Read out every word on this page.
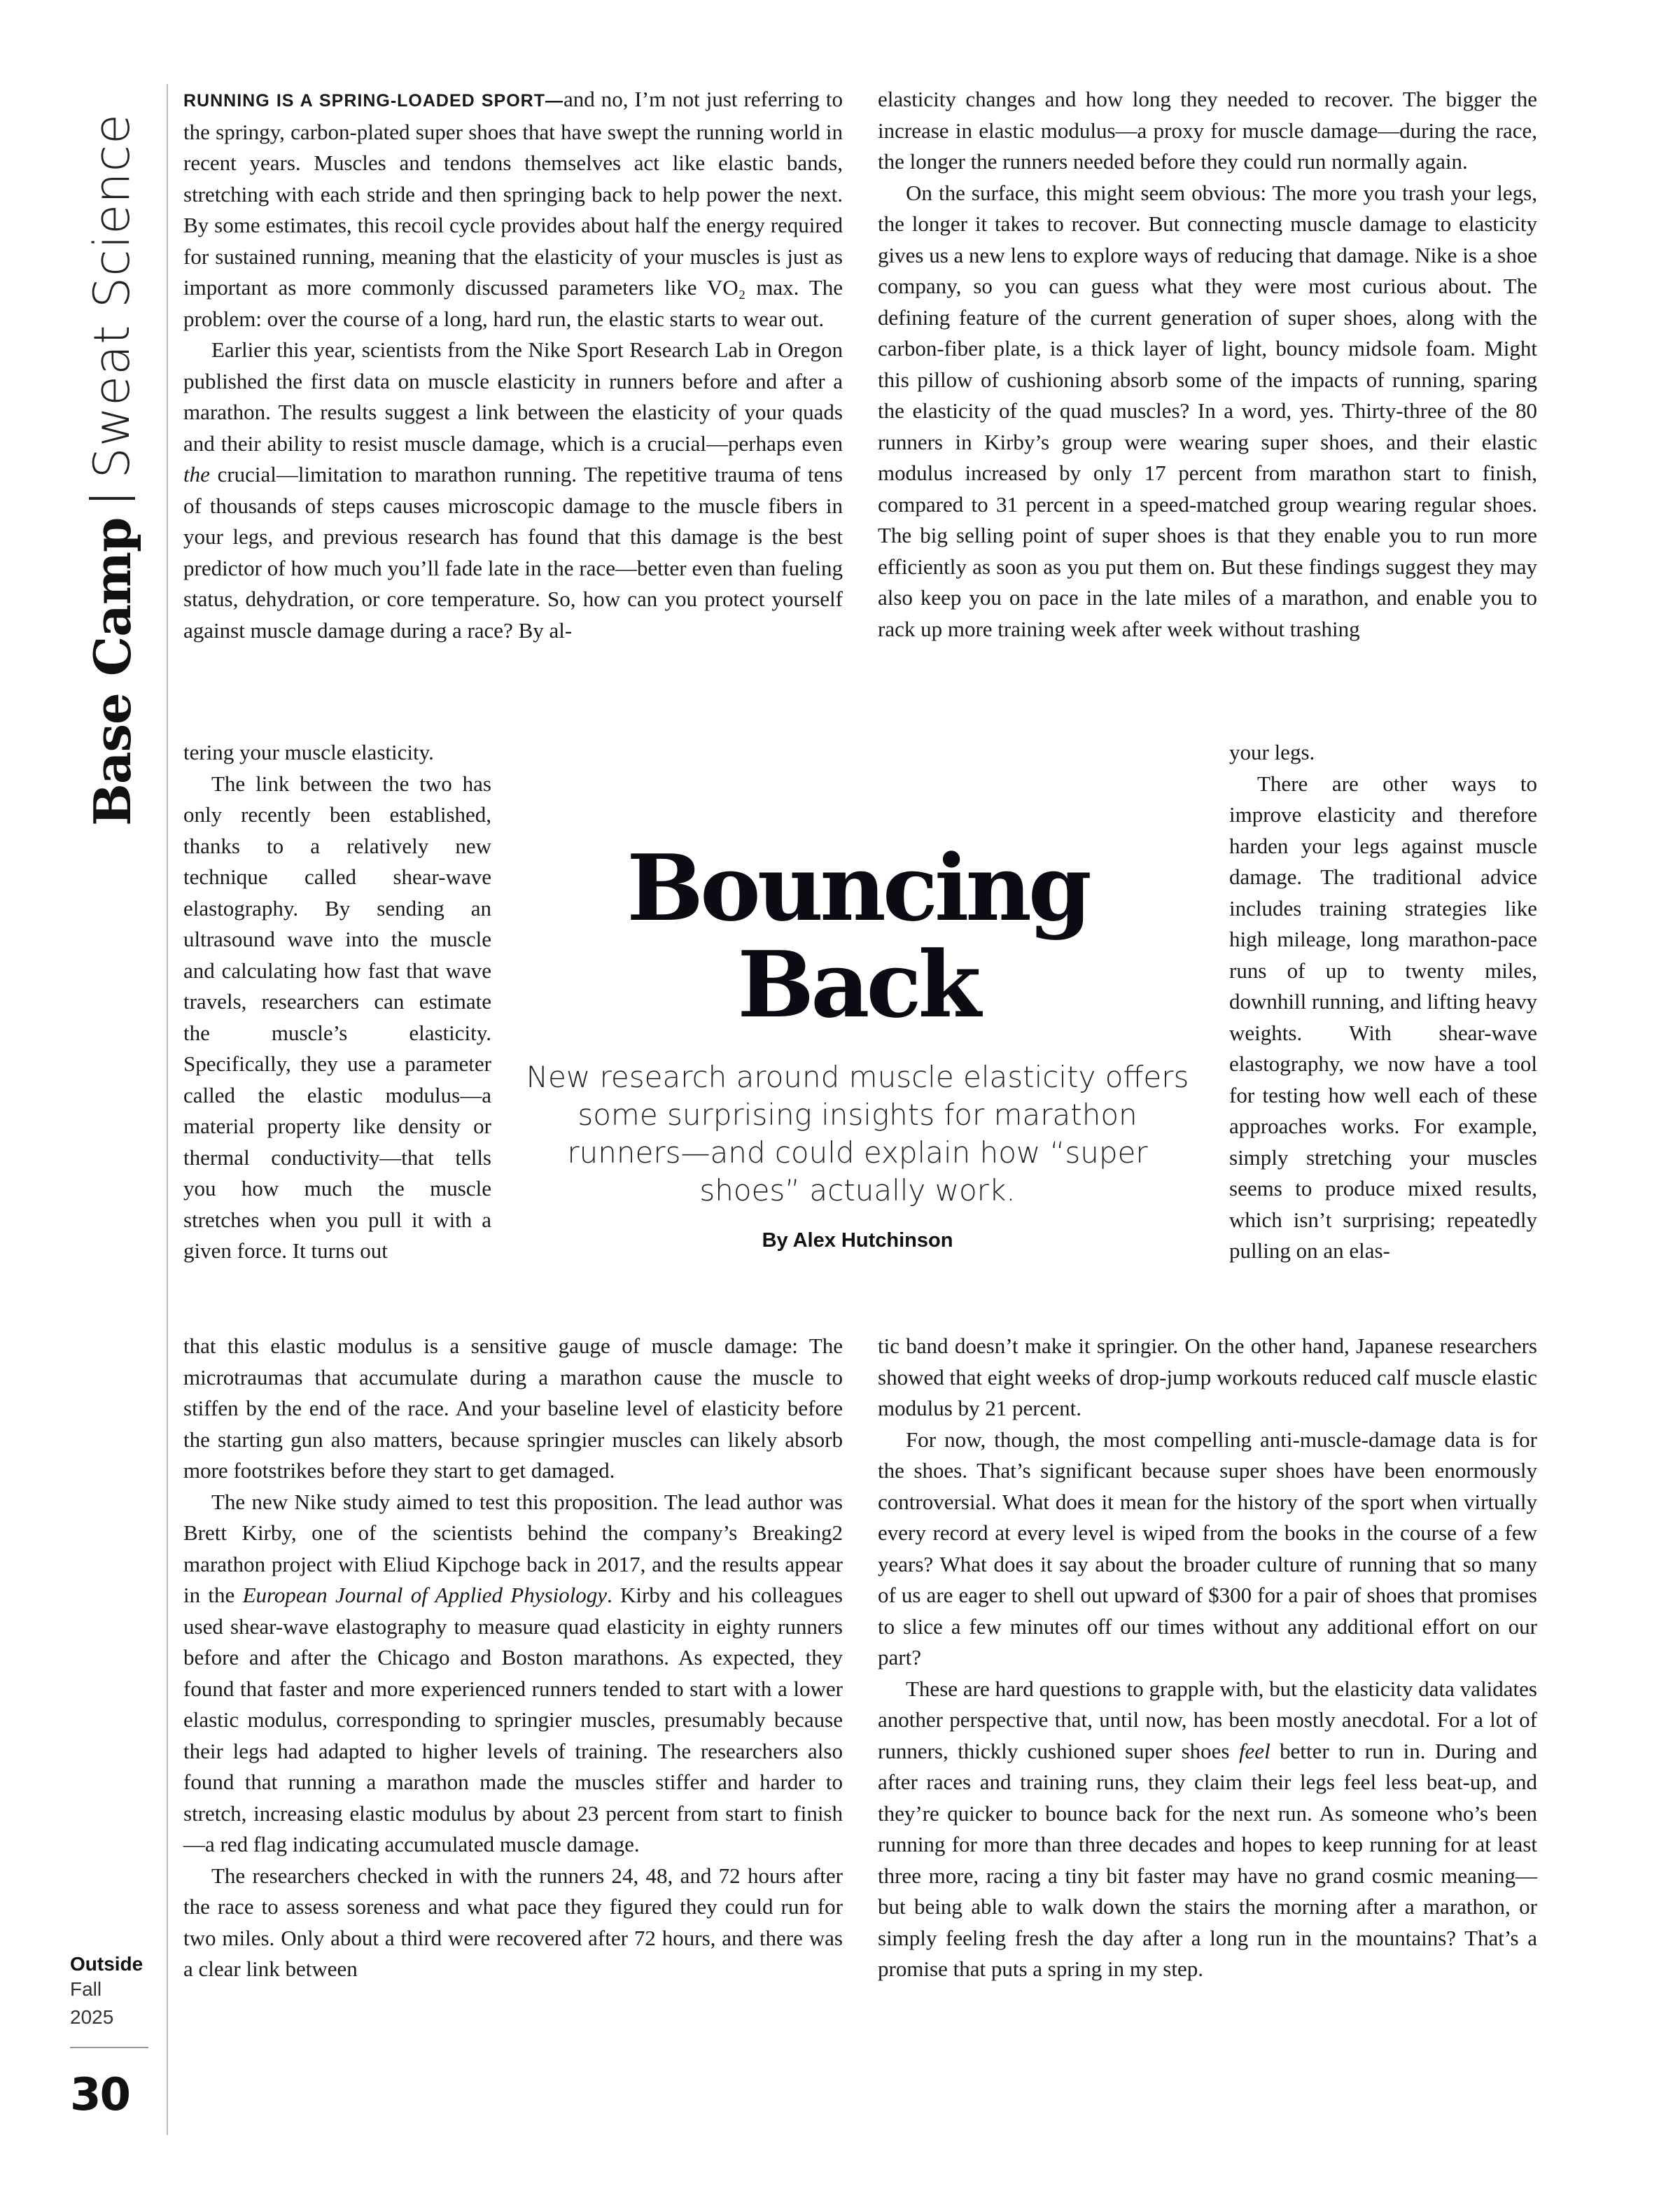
Base Camp
Sweat Science
Outside
Fall
2025
30

RUNNING IS A SPRING-LOADED SPORT—and no, I’m not just referring to the springy, carbon-plated super shoes that have swept the running world in recent years. Muscles and tendons themselves act like elastic bands, stretching with each stride and then springing back to help power the next. By some estimates, this recoil cycle provides about half the energy required for sustained running, meaning that the elasticity of your muscles is just as important as more commonly discussed parameters like VO₂ max. The problem: over the course of a long, hard run, the elastic starts to wear out.

Earlier this year, scientists from the Nike Sport Research Lab in Oregon published the first data on muscle elasticity in runners before and after a marathon. The results suggest a link between the elasticity of your quads and their ability to resist muscle damage, which is a crucial—perhaps even the crucial—limitation to marathon running. The repetitive trauma of tens of thousands of steps causes microscopic damage to the muscle fibers in your legs, and previous research has found that this damage is the best predictor of how much you’ll fade late in the race—better even than fueling status, dehydration, or core temperature. So, how can you protect yourself against muscle damage during a race? By al-

tering your muscle elasticity.

The link between the two has only recently been established, thanks to a relatively new technique called shear-wave elastography. By sending an ultrasound wave into the muscle and calculating how fast that wave travels, researchers can estimate the muscle’s elasticity. Specifically, they use a parameter called the elastic modulus—a material property like density or thermal conductivity—that tells you how much the muscle stretches when you pull it with a given force. It turns out

that this elastic modulus is a sensitive gauge of muscle damage: The microtraumas that accumulate during a marathon cause the muscle to stiffen by the end of the race. And your baseline level of elasticity before the starting gun also matters, because springier muscles can likely absorb more footstrikes before they start to get damaged.

The new Nike study aimed to test this proposition. The lead author was Brett Kirby, one of the scientists behind the company’s Breaking2 marathon project with Eliud Kipchoge back in 2017, and the results appear in the European Journal of Applied Physiology. Kirby and his colleagues used shear-wave elastography to measure quad elasticity in eighty runners before and after the Chicago and Boston marathons. As expected, they found that faster and more experienced runners tended to start with a lower elastic modulus, corresponding to springier muscles, presumably because their legs had adapted to higher levels of training. The researchers also found that running a marathon made the muscles stiffer and harder to stretch, increasing elastic modulus by about 23 percent from start to finish—a red flag indicating accumulated muscle damage.

The researchers checked in with the runners 24, 48, and 72 hours after the race to assess soreness and what pace they figured they could run for two miles. Only about a third were recovered after 72 hours, and there was a clear link between

Bouncing
Back

New research around muscle elasticity offers some surprising insights for marathon runners—and could explain how “super shoes” actually work.

By Alex Hutchinson

elasticity changes and how long they needed to recover. The bigger the increase in elastic modulus—a proxy for muscle damage—during the race, the longer the runners needed before they could run normally again.

On the surface, this might seem obvious: The more you trash your legs, the longer it takes to recover. But connecting muscle damage to elasticity gives us a new lens to explore ways of reducing that damage. Nike is a shoe company, so you can guess what they were most curious about. The defining feature of the current generation of super shoes, along with the carbon-fiber plate, is a thick layer of light, bouncy midsole foam. Might this pillow of cushioning absorb some of the impacts of running, sparing the elasticity of the quad muscles? In a word, yes. Thirty-three of the 80 runners in Kirby’s group were wearing super shoes, and their elastic modulus increased by only 17 percent from marathon start to finish, compared to 31 percent in a speed-matched group wearing regular shoes. The big selling point of super shoes is that they enable you to run more efficiently as soon as you put them on. But these findings suggest they may also keep you on pace in the late miles of a marathon, and enable you to rack up more training week after week without trashing

your legs.

There are other ways to improve elasticity and therefore harden your legs against muscle damage. The traditional advice includes training strategies like high mileage, long marathon-pace runs of up to twenty miles, downhill running, and lifting heavy weights. With shear-wave elastography, we now have a tool for testing how well each of these approaches works. For example, simply stretching your muscles seems to produce mixed results, which isn’t surprising; repeatedly pulling on an elas-

tic band doesn’t make it springier. On the other hand, Japanese researchers showed that eight weeks of drop-jump workouts reduced calf muscle elastic modulus by 21 percent.

For now, though, the most compelling anti-muscle-damage data is for the shoes. That’s significant because super shoes have been enormously controversial. What does it mean for the history of the sport when virtually every record at every level is wiped from the books in the course of a few years? What does it say about the broader culture of running that so many of us are eager to shell out upward of $300 for a pair of shoes that promises to slice a few minutes off our times without any additional effort on our part?

These are hard questions to grapple with, but the elasticity data validates another perspective that, until now, has been mostly anecdotal. For a lot of runners, thickly cushioned super shoes feel better to run in. During and after races and training runs, they claim their legs feel less beat-up, and they’re quicker to bounce back for the next run. As someone who’s been running for more than three decades and hopes to keep running for at least three more, racing a tiny bit faster may have no grand cosmic meaning—but being able to walk down the stairs the morning after a marathon, or simply feeling fresh the day after a long run in the mountains? That’s a promise that puts a spring in my step.
